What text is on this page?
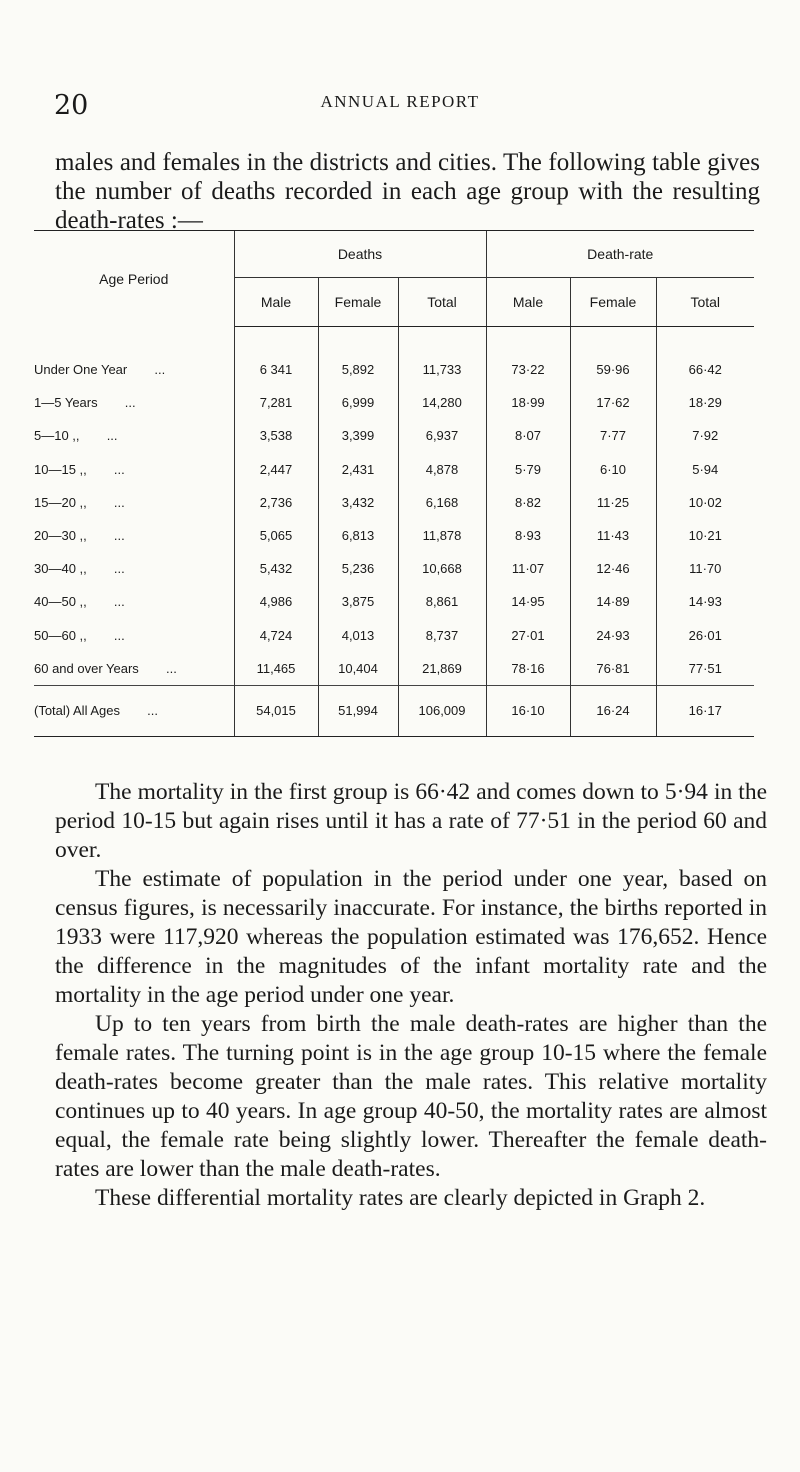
20	ANNUAL REPORT

males and females in the districts and cities. The following table gives the number of deaths recorded in each age group with the resulting death-rates :—

Age Period	Deaths			Death-rate		
	Male	Female	Total	Male	Female	Total

Under One Year ...	6 341	5,892	11,733	73·22	59·96	66·42
1—5 Years ...	7,281	6,999	14,280	18·99	17·62	18·29
5—10 ,, ...	3,538	3,399	6,937	8·07	7·77	7·92
10—15 ,, ...	2,447	2,431	4,878	5·79	6·10	5·94
15—20 ,, ...	2,736	3,432	6,168	8·82	11·25	10·02
20—30 ,, ...	5,065	6,813	11,878	8·93	11·43	10·21
30—40 ,, ...	5,432	5,236	10,668	11·07	12·46	11·70
40—50 ,, ...	4,986	3,875	8,861	14·95	14·89	14·93
50—60 ,, ...	4,724	4,013	8,737	27·01	24·93	26·01
60 and over Years ...	11,465	10,404	21,869	78·16	76·81	77·51
(Total) All Ages ...	54,015	51,994	106,009	16·10	16·24	16·17

The mortality in the first group is 66·42 and comes down to 5·94 in the period 10-15 but again rises until it has a rate of 77·51 in the period 60 and over.

The estimate of population in the period under one year, based on census figures, is necessarily inaccurate. For instance, the births reported in 1933 were 117,920 whereas the population estimated was 176,652. Hence the difference in the magnitudes of the infant mortality rate and the mortality in the age period under one year.

Up to ten years from birth the male death-rates are higher than the female rates. The turning point is in the age group 10-15 where the female death-rates become greater than the male rates. This relative mortality continues up to 40 years. In age group 40-50, the mortality rates are almost equal, the female rate being slightly lower. Thereafter the female death-rates are lower than the male death-rates.

These differential mortality rates are clearly depicted in Graph 2.
